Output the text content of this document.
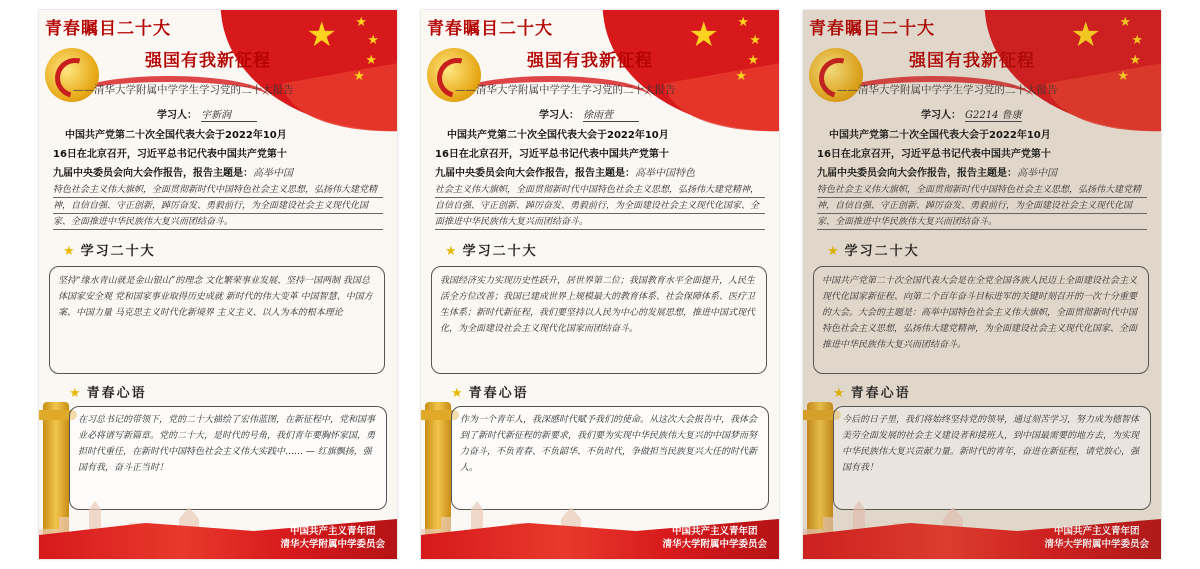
★ ★
★
★
★
青春瞩目二十大
强国有我新征程
——清华大学附属中学学生学习党的二十大报告
学习人： 宇新润

中国共产党第二十次全国代表大会于2022年10月

16日在北京召开，习近平总书记代表中国共产党第十

九届中央委员会向大会作报告，报告主题是：高举中国

特色社会主义伟大旗帜，全面贯彻新时代中国特色社会主义思想，弘扬伟大建党精神，自信自强、守正创新，踔厉奋发、勇毅前行，为全面建设社会主义现代化国家、全面推进中华民族伟大复兴而团结奋斗。
★ 学习二十大
坚持“缘水青山就是金山银山”的理念 文化繁荣事业发展、坚持一国两制 我国总体国家安全观 党和国家事业取得历史成就 新时代的伟大变革 中国智慧、中国方案、中国力量 马克思主义时代化新境界 主义主义、以人为本的根本理论
★ 青春心语
在习总书记的带领下，党的二十大描绘了宏伟蓝图，在新征程中，党和国事业必将谱写新篇章。党的二十大，是时代的号角，我们青年要胸怀家国，勇担时代重任，在新时代中国特色社会主义伟大实践中…… — 红旗飘扬，强国有我，奋斗正当时！
中国共产主义青年团
清华大学附属中学委员会
★ ★
★
★
★
青春瞩目二十大
强国有我新征程
——清华大学附属中学学生学习党的二十大报告
学习人： 徐雨萱

中国共产党第二十次全国代表大会于2022年10月

16日在北京召开，习近平总书记代表中国共产党第十

九届中央委员会向大会作报告，报告主题是：高举中国特色

社会主义伟大旗帜，全面贯彻新时代中国特色社会主义思想，弘扬伟大建党精神，自信自强、守正创新、踔厉奋发、勇毅前行，为全面建设社会主义现代化国家、全面推进中华民族伟大复兴而团结奋斗。
★ 学习二十大
我国经济实力实现历史性跃升，居世界第二位；我国教育水平全面提升，人民生活全方位改善；我国已建成世界上规模最大的教育体系、社会保障体系、医疗卫生体系；新时代新征程，我们要坚持以人民为中心的发展思想，推进中国式现代化，为全面建设社会主义现代化国家而团结奋斗。
★ 青春心语
作为一个青年人，我深感时代赋予我们的使命。从这次大会报告中，我体会到了新时代新征程的新要求，我们要为实现中华民族伟大复兴的中国梦而努力奋斗，不负青春、不负韶华、不负时代，争做担当民族复兴大任的时代新人。
中国共产主义青年团
清华大学附属中学委员会
★ ★
★
★
★
青春瞩目二十大
强国有我新征程
——清华大学附属中学学生学习党的二十大报告
学习人： G2214 鲁康

中国共产党第二十次全国代表大会于2022年10月

16日在北京召开，习近平总书记代表中国共产党第十

九届中央委员会向大会作报告，报告主题是：高举中国

特色社会主义伟大旗帜，全面贯彻新时代中国特色社会主义思想，弘扬伟大建党精神，自信自强、守正创新、踔厉奋发、勇毅前行，为全面建设社会主义现代化国家、全面推进中华民族伟大复兴而团结奋斗。
★ 学习二十大
中国共产党第二十次全国代表大会是在全党全国各族人民迈上全面建设社会主义现代化国家新征程、向第二个百年奋斗目标进军的关键时刻召开的一次十分重要的大会。大会的主题是：高举中国特色社会主义伟大旗帜，全面贯彻新时代中国特色社会主义思想，弘扬伟大建党精神，为全面建设社会主义现代化国家、全面推进中华民族伟大复兴而团结奋斗。
★ 青春心语
今后的日子里，我们将始终坚持党的领导，通过刻苦学习，努力成为德智体美劳全面发展的社会主义建设者和接班人，到中国最需要的地方去，为实现中华民族伟大复兴贡献力量。新时代的青年，奋进在新征程，请党放心，强国有我！
中国共产主义青年团
清华大学附属中学委员会
